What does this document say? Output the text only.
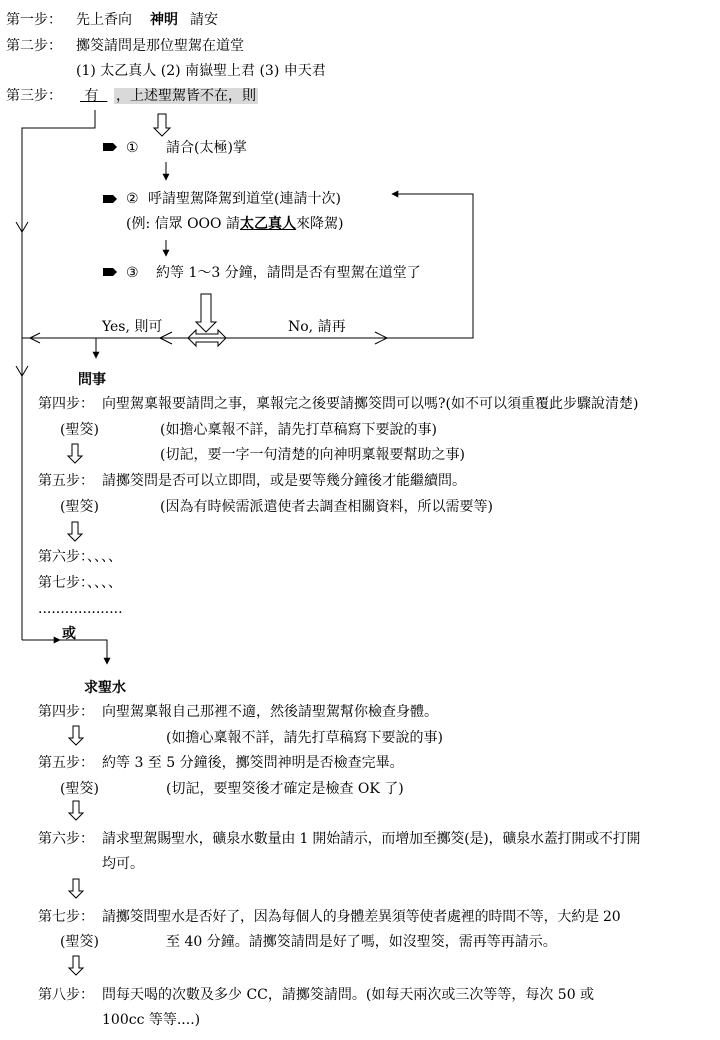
第一步： 先上香向 神明 請安
第二步： 擲筊請問是那位聖駕在道堂
(1) 太乙真人 (2) 南嶽聖上君 (3) 申天君
第三步：	有	，上述聖駕皆不在，則
① 請合(太極)掌
② 呼請聖駕降駕到道堂(連請十次)
(例: 信眾 OOO 請太乙真人來降駕)
③ 約等 1～3 分鐘，請問是否有聖駕在道堂了
Yes, 則可	No, 請再
問事
第四步： 向聖駕稟報要請問之事，稟報完之後要請擲筊問可以嗎?(如不可以須重覆此步驟說清楚)
(聖筊)	(如擔心稟報不詳，請先打草稿寫下要說的事)
(切記，要一字一句清楚的向神明稟報要幫助之事)
第五步： 請擲筊問是否可以立即問，或是要等幾分鐘後才能繼續問。
(聖筊)	(因為有時候需派遣使者去調查相關資料，所以需要等)
第六步：、、、、
第七步：、、、、
...................
或
求聖水
第四步： 向聖駕稟報自己那裡不適，然後請聖駕幫你檢查身體。
(如擔心稟報不詳，請先打草稿寫下要說的事)
第五步： 約等 3 至 5 分鐘後，擲筊問神明是否檢查完畢。
(聖筊)	(切記，要聖筊後才確定是檢查 OK 了)
第六步： 請求聖駕賜聖水，礦泉水數量由 1 開始請示，而增加至擲筊(是)，礦泉水蓋打開或不打開
均可。
第七步： 請擲筊問聖水是否好了，因為每個人的身體差異須等使者處裡的時間不等，大約是 20
(聖筊)	至 40 分鐘。請擲筊請問是好了嗎，如沒聖筊，需再等再請示。
第八步： 問每天喝的次數及多少 CC，請擲筊請問。(如每天兩次或三次等等，每次 50 或
100cc 等等....)
